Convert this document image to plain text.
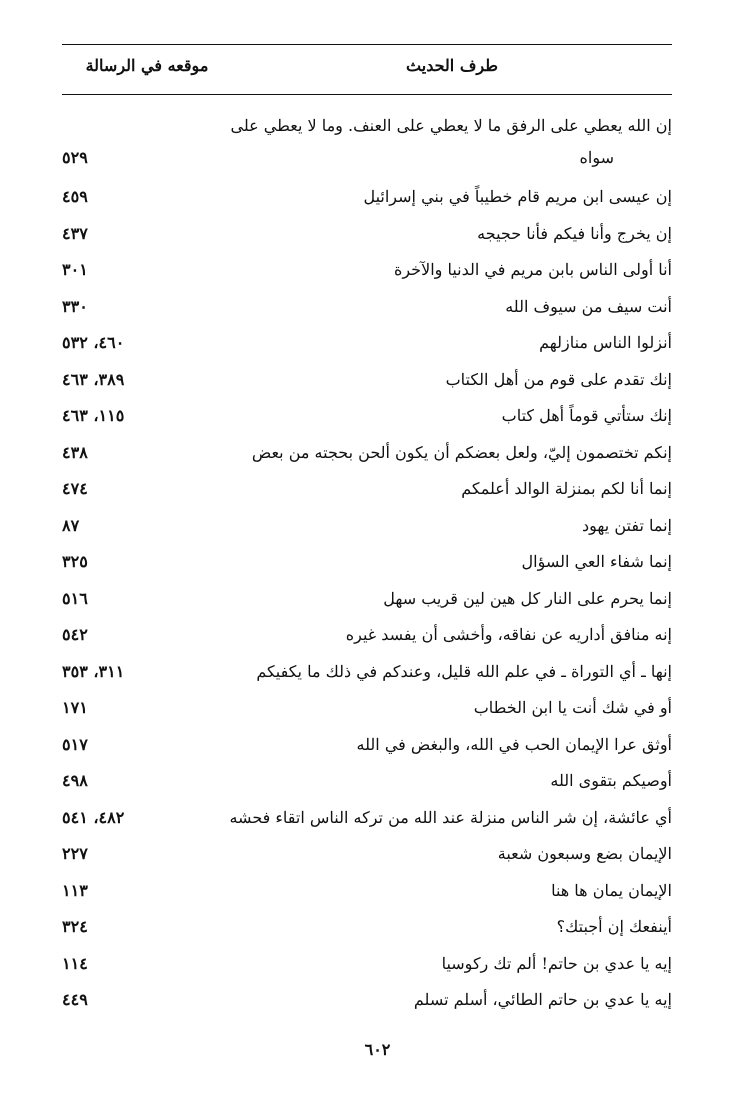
طرف الحديث
موقعه في الرسالة
إن الله يعطي على الرفق ما لا يعطي على العنف. وما لا يعطي على
سواه
٥٢٩
إن عيسى ابن مريم قام خطيباً في بني إسرائيل
٤٥٩
إن يخرج وأنا فيكم فأنا حجيجه
٤٣٧
أنا أولى الناس بابن مريم في الدنيا والآخرة
٣٠١
أنت سيف من سيوف الله
٣٣٠
أنزلوا الناس منازلهم
٤٦٠، ٥٣٢
إنك تقدم على قوم من أهل الكتاب
٣٨٩، ٤٦٣
إنك ستأتي قوماً أهل كتاب
١١٥، ٤٦٣
إنكم تختصمون إليّ، ولعل بعضكم أن يكون ألحن بحجته من بعض
٤٣٨
إنما أنا لكم بمنزلة الوالد أعلمكم
٤٧٤
إنما تفتن يهود
٨٧
إنما شفاء العي السؤال
٣٢٥
إنما يحرم على النار كل هين لين قريب سهل
٥١٦
إنه منافق أداريه عن نفاقه، وأخشى أن يفسد غيره
٥٤٢
إنها ـ أي التوراة ـ في علم الله قليل، وعندكم في ذلك ما يكفيكم
٣١١، ٣٥٣
أو في شك أنت يا ابن الخطاب
١٧١
أوثق عرا الإيمان الحب في الله، والبغض في الله
٥١٧
أوصيكم بتقوى الله
٤٩٨
أي عائشة، إن شر الناس منزلة عند الله من تركه الناس اتقاء فحشه
٤٨٢، ٥٤١
الإيمان بضع وسبعون شعبة
٢٢٧
الإيمان يمان ها هنا
١١٣
أينفعك إن أجبتك؟
٣٢٤
إيه يا عدي بن حاتم! ألم تك ركوسيا
١١٤
إيه يا عدي بن حاتم الطائي، أسلم تسلم
٤٤٩
٦٠٢
